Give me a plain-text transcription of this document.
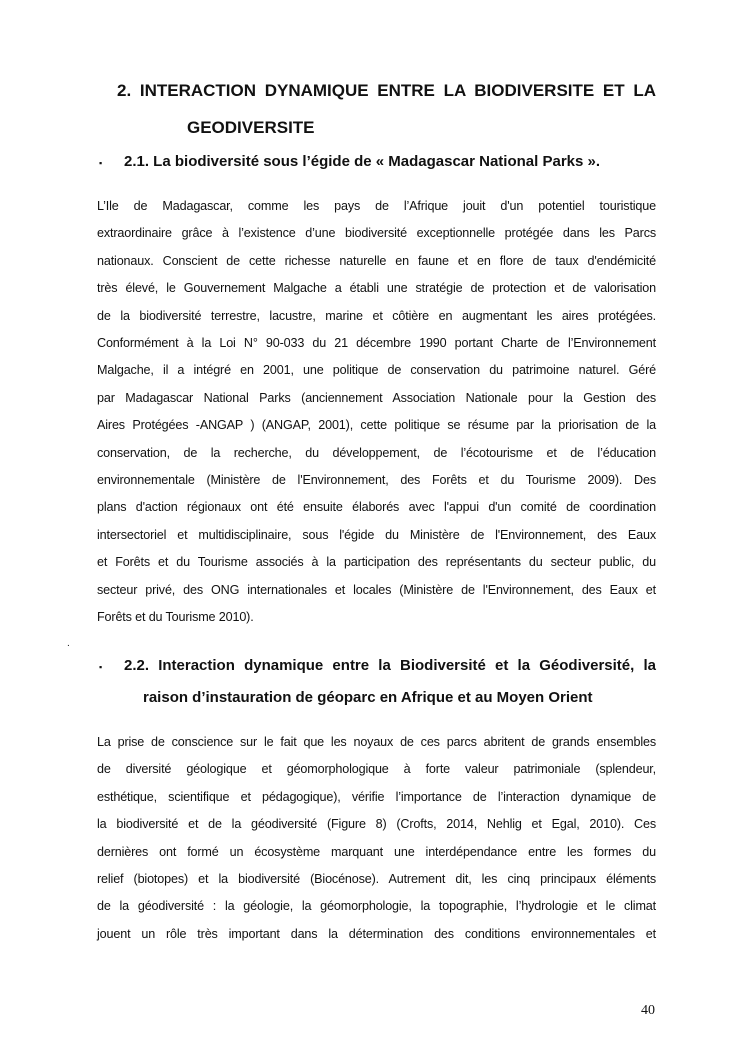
2. INTERACTION DYNAMIQUE ENTRE LA BIODIVERSITE ET LA
GEODIVERSITE
▪ 2.1. La biodiversité sous l’égide de « Madagascar National Parks ».
L’Ile de Madagascar, comme les pays de l’Afrique jouit d'un potentiel touristique
extraordinaire grâce à l’existence d’une biodiversité exceptionnelle protégée dans les Parcs
nationaux. Conscient de cette richesse naturelle en faune et en flore de taux d'endémicité
très élevé, le Gouvernement Malgache a établi une stratégie de protection et de valorisation
de la biodiversité terrestre, lacustre, marine et côtière en augmentant les aires protégées.
Conformément à la Loi N° 90-033 du 21 décembre 1990 portant Charte de l’Environnement
Malgache, il a intégré en 2001, une politique de conservation du patrimoine naturel. Géré
par Madagascar National Parks (anciennement Association Nationale pour la Gestion des
Aires Protégées -ANGAP ) (ANGAP, 2001), cette politique se résume par la priorisation de la
conservation, de la recherche, du développement, de l’écotourisme et de l’éducation
environnementale (Ministère de l'Environnement, des Forêts et du Tourisme 2009). Des
plans d'action régionaux ont été ensuite élaborés avec l'appui d'un comité de coordination
intersectoriel et multidisciplinaire, sous l'égide du Ministère de l'Environnement, des Eaux
et Forêts et du Tourisme associés à la participation des représentants du secteur public, du
secteur privé, des ONG internationales et locales (Ministère de l'Environnement, des Eaux et
Forêts et du Tourisme 2010).
.
▪ 2.2. Interaction dynamique entre la Biodiversité et la Géodiversité, la
raison d’instauration de géoparc en Afrique et au Moyen Orient
La prise de conscience sur le fait que les noyaux de ces parcs abritent de grands ensembles
de diversité géologique et géomorphologique à forte valeur patrimoniale (splendeur,
esthétique, scientifique et pédagogique), vérifie l’importance de l’interaction dynamique de
la biodiversité et de la géodiversité (Figure 8) (Crofts, 2014, Nehlig et Egal, 2010). Ces
dernières ont formé un écosystème marquant une interdépendance entre les formes du
relief (biotopes) et la biodiversité (Biocénose). Autrement dit, les cinq principaux éléments
de la géodiversité : la géologie, la géomorphologie, la topographie, l’hydrologie et le climat
jouent un rôle très important dans la détermination des conditions environnementales et
40
